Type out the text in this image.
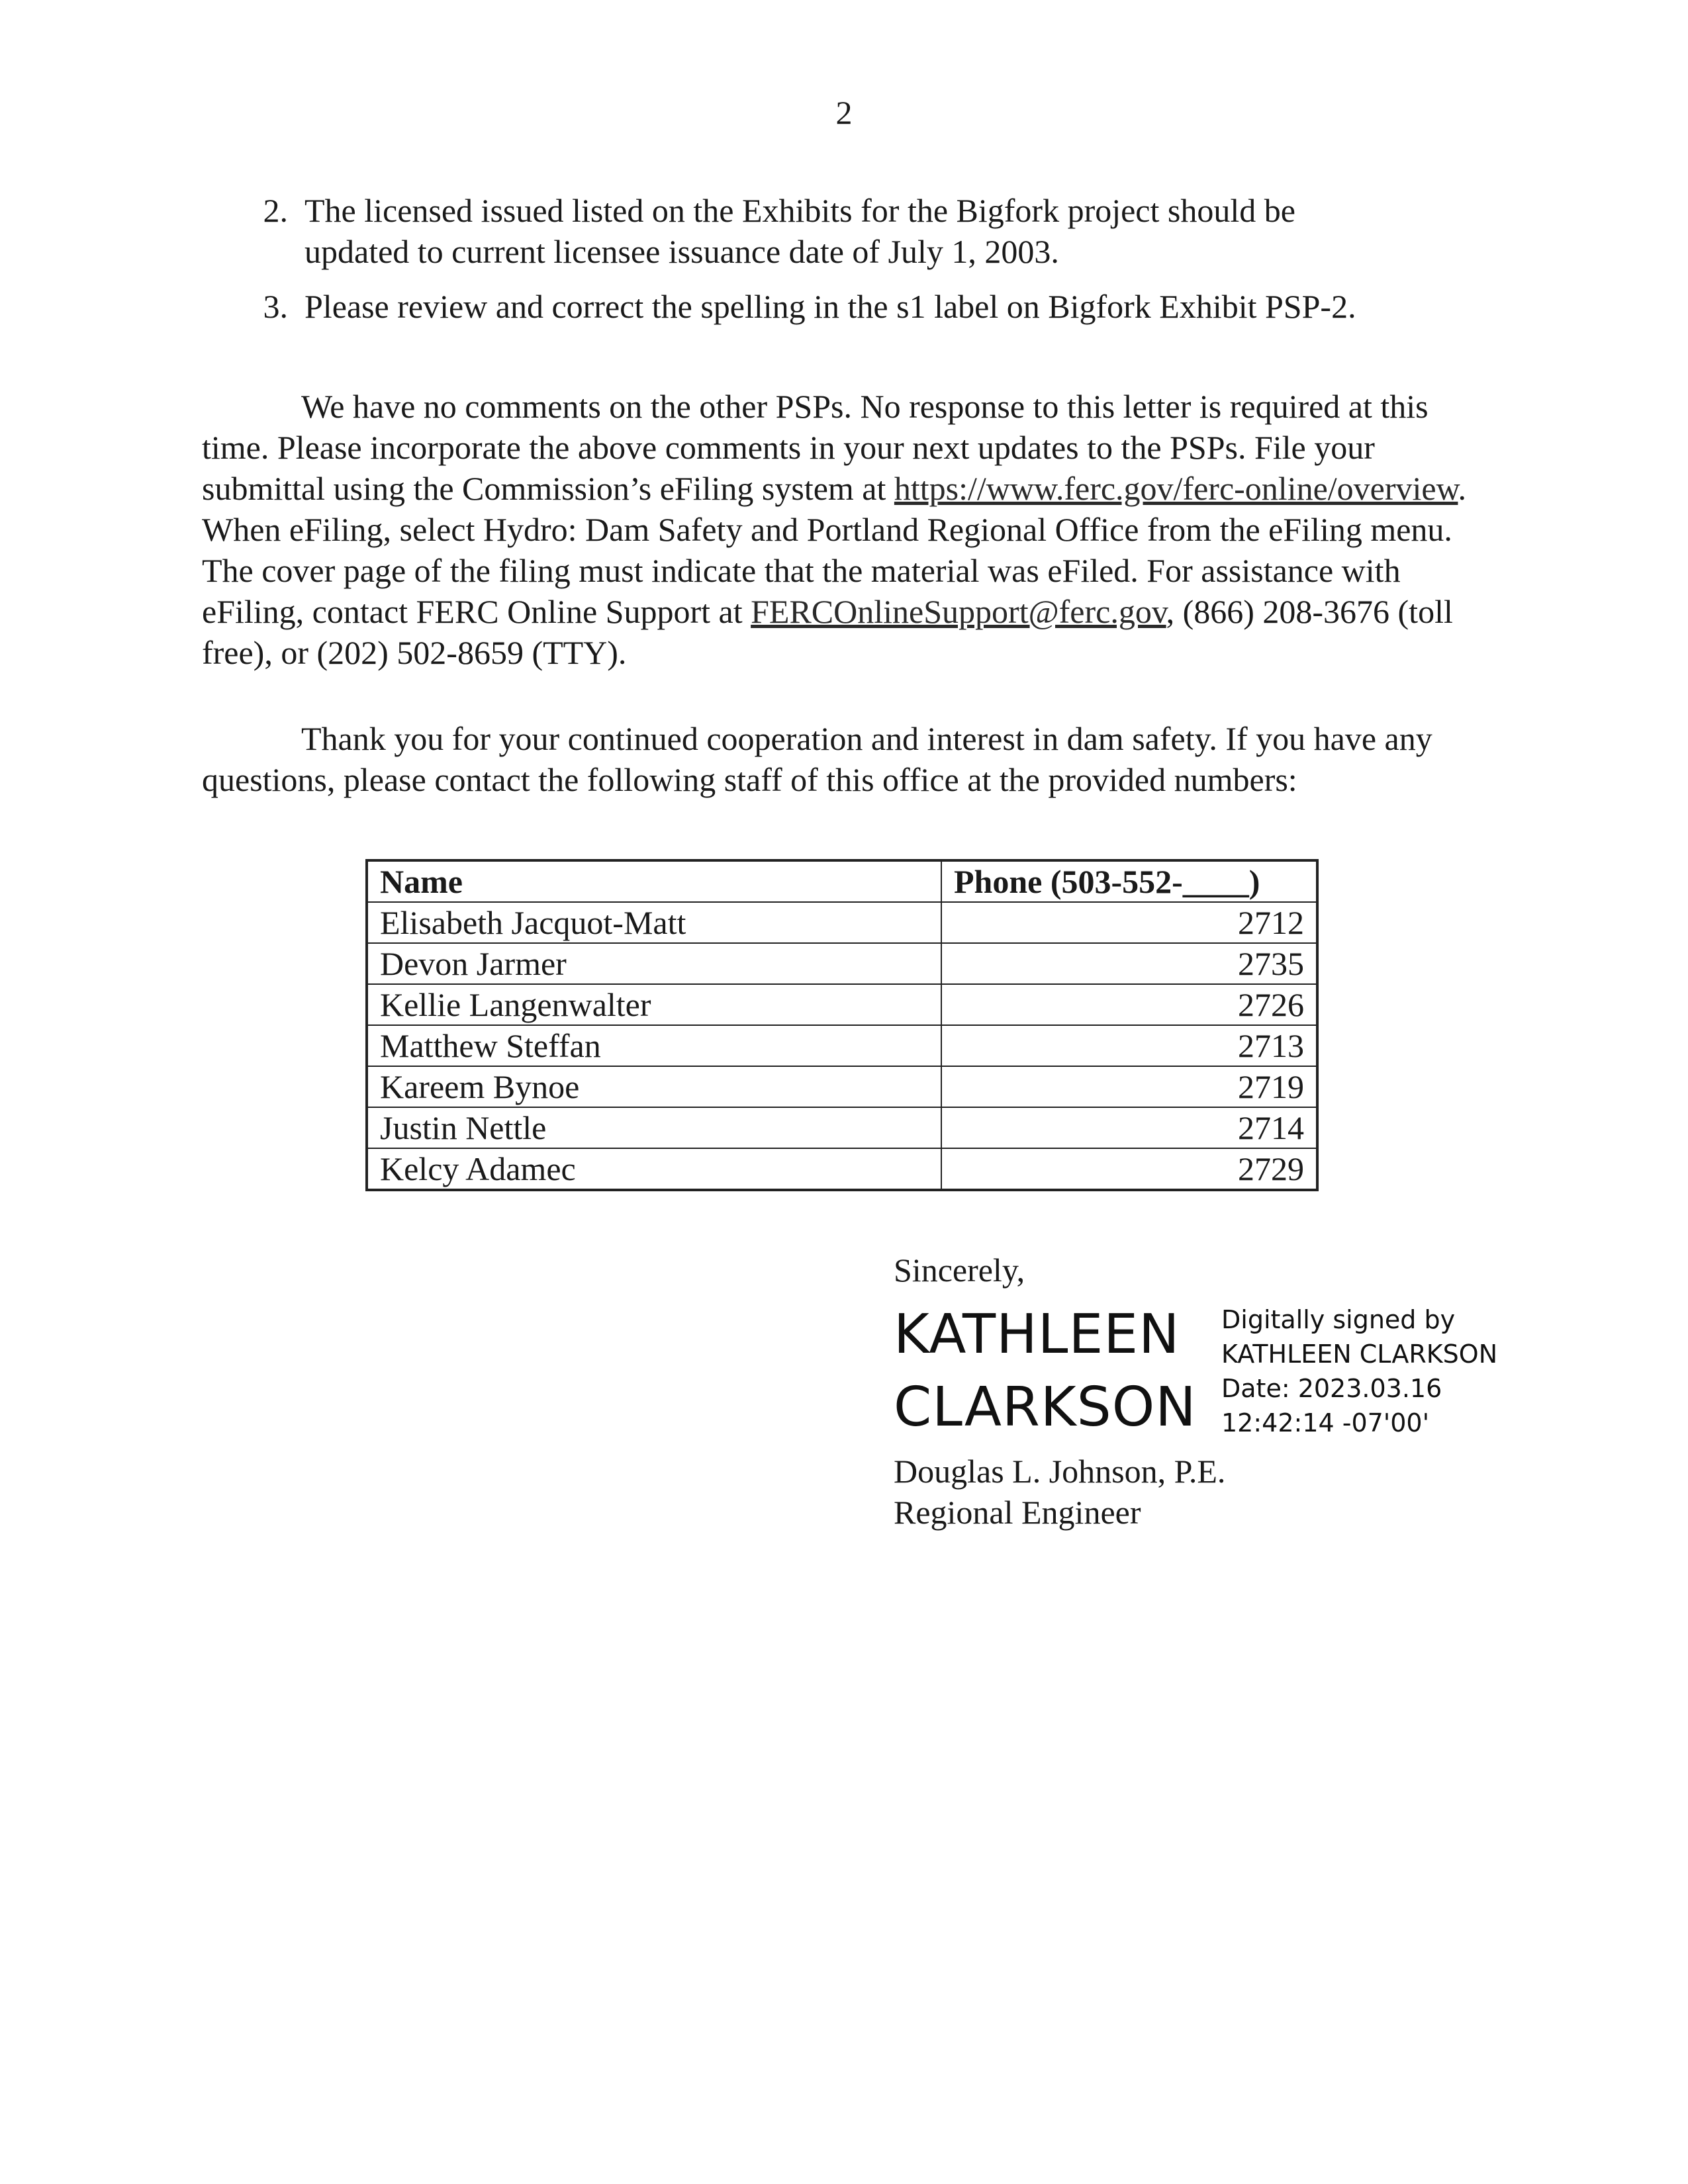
2
2. The licensed issued listed on the Exhibits for the Bigfork project should be
updated to current licensee issuance date of July 1, 2003.
3. Please review and correct the spelling in the s1 label on Bigfork Exhibit PSP-2.
We have no comments on the other PSPs. No response to this letter is required at this time. Please incorporate the above comments in your next updates to the PSPs. File your submittal using the Commission’s eFiling system at https://www.ferc.gov/ferc-online/overview. When eFiling, select Hydro: Dam Safety and Portland Regional Office from the eFiling menu. The cover page of the filing must indicate that the material was eFiled. For assistance with eFiling, contact FERC Online Support at FERCOnlineSupport@ferc.gov, (866) 208-3676 (toll free), or (202) 502-8659 (TTY).
Thank you for your continued cooperation and interest in dam safety. If you have any questions, please contact the following staff of this office at the provided numbers:
Name	Phone (503-552-____)
Elisabeth Jacquot-Matt	2712
Devon Jarmer	2735
Kellie Langenwalter	2726
Matthew Steffan	2713
Kareem Bynoe	2719
Justin Nettle	2714
Kelcy Adamec	2729
Sincerely,
KATHLEEN
CLARKSON
Digitally signed by
KATHLEEN CLARKSON
Date: 2023.03.16
12:42:14 -07'00'
Douglas L. Johnson, P.E.
Regional Engineer
